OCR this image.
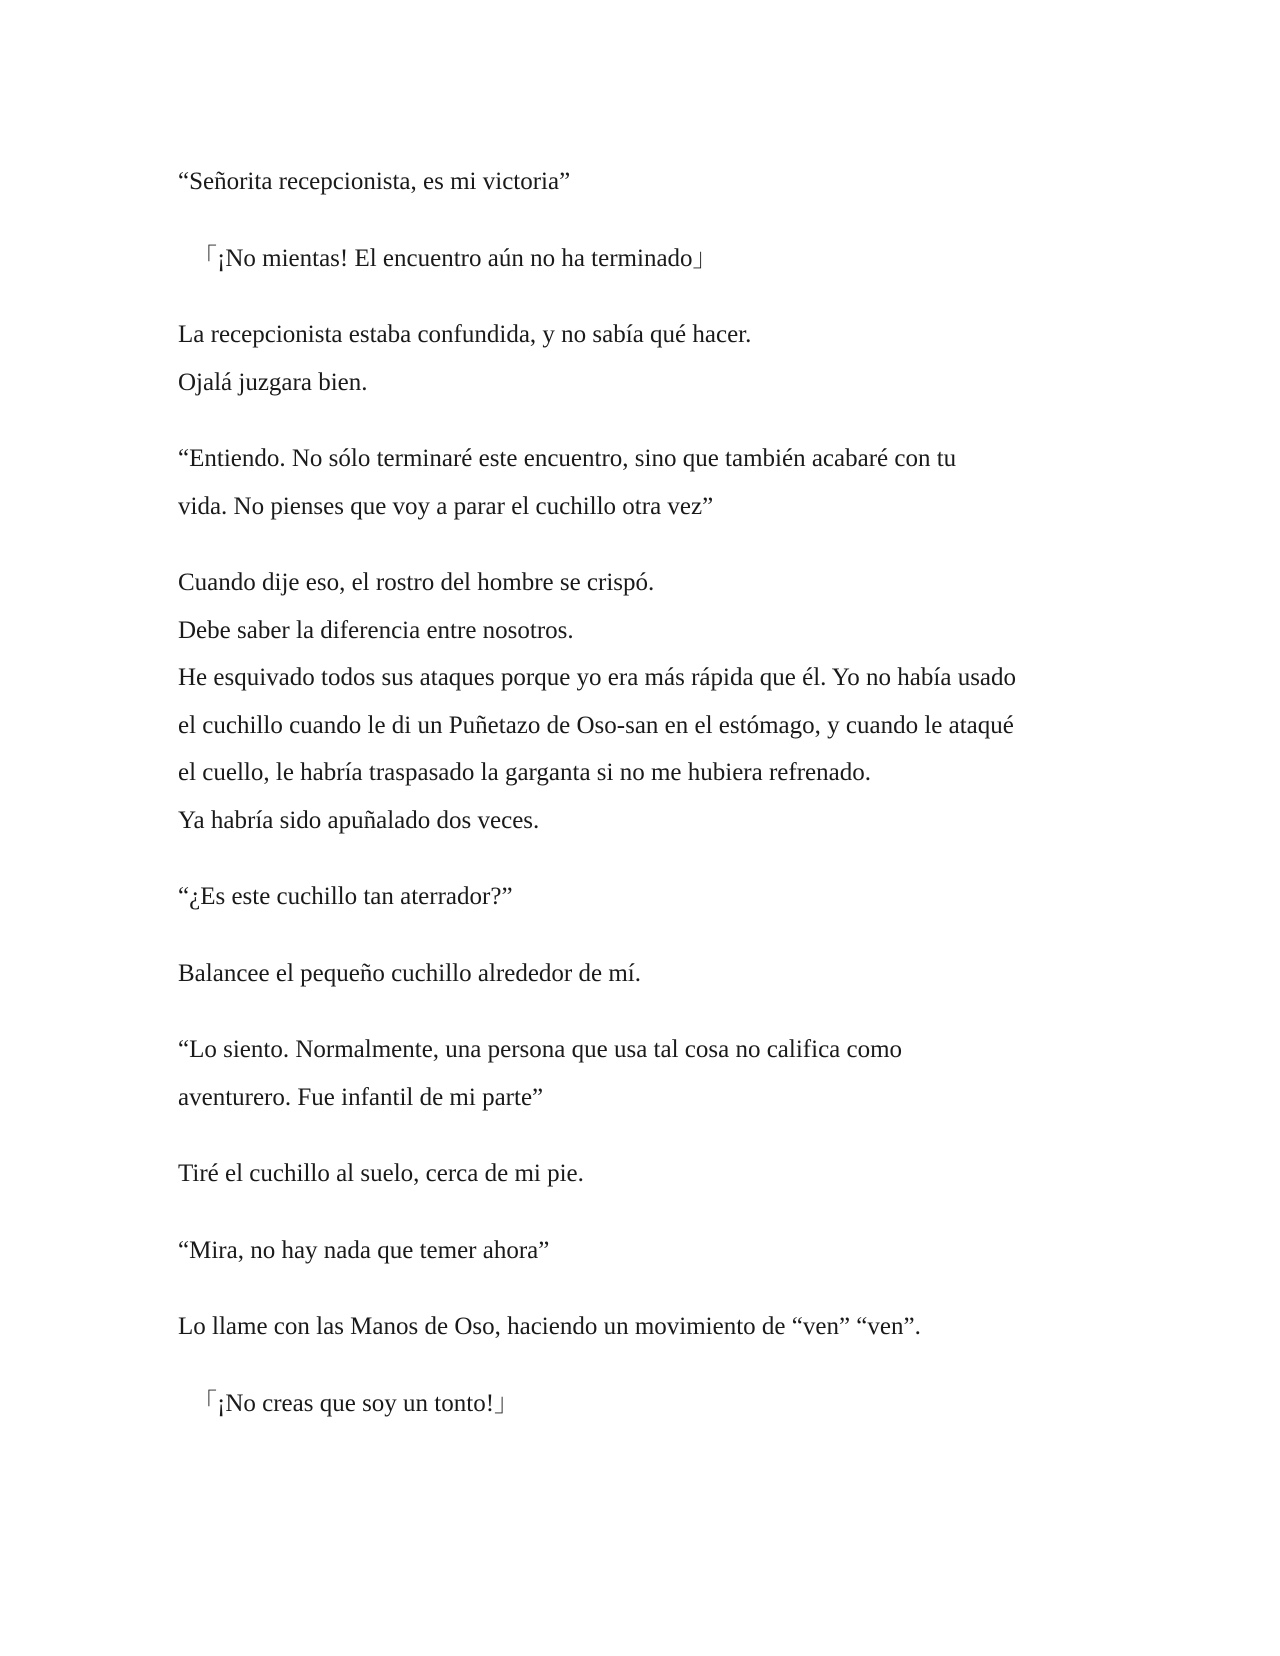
“Señorita recepcionista, es mi victoria”

「¡No mientas! El encuentro aún no ha terminado」

La recepcionista estaba confundida, y no sabía qué hacer.
Ojalá juzgara bien.

“Entiendo. No sólo terminaré este encuentro, sino que también acabaré con tu
vida. No pienses que voy a parar el cuchillo otra vez”

Cuando dije eso, el rostro del hombre se crispó.
Debe saber la diferencia entre nosotros.
He esquivado todos sus ataques porque yo era más rápida que él. Yo no había usado
el cuchillo cuando le di un Puñetazo de Oso-san en el estómago, y cuando le ataqué
el cuello, le habría traspasado la garganta si no me hubiera refrenado.
Ya habría sido apuñalado dos veces.

“¿Es este cuchillo tan aterrador?”

Balancee el pequeño cuchillo alrededor de mí.

“Lo siento. Normalmente, una persona que usa tal cosa no califica como
aventurero. Fue infantil de mi parte”

Tiré el cuchillo al suelo, cerca de mi pie.

“Mira, no hay nada que temer ahora”

Lo llame con las Manos de Oso, haciendo un movimiento de “ven” “ven”.

「¡No creas que soy un tonto!」
